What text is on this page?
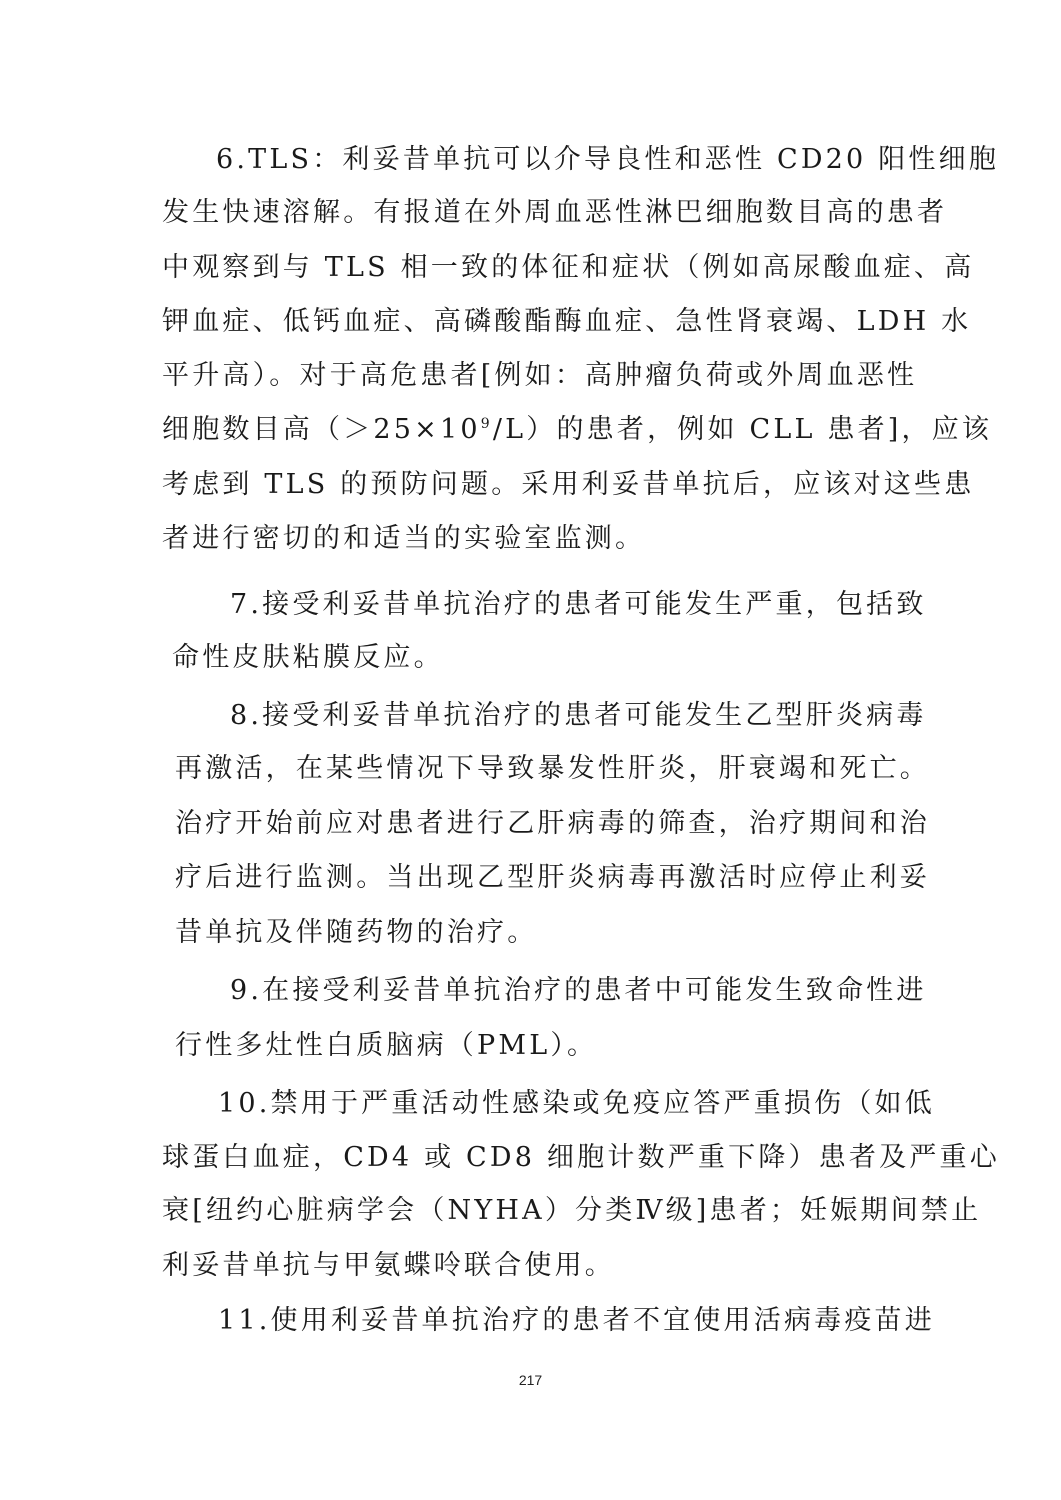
6.TLS：利妥昔单抗可以介导良性和恶性 CD20 阳性细胞
发生快速溶解。有报道在外周血恶性淋巴细胞数目高的患者
中观察到与 TLS 相一致的体征和症状（例如高尿酸血症、高
钾血症、低钙血症、高磷酸酯酶血症、急性肾衰竭、LDH 水
平升高）。对于高危患者[例如：高肿瘤负荷或外周血恶性
细胞数目高$(>25\times 10^9/L)$的患者，例如 CLL 患者]，应该
考虑到 TLS 的预防问题。采用利妥昔单抗后，应该对这些患
者进行密切的和适当的实验室监测。
7.接受利妥昔单抗治疗的患者可能发生严重，包括致
命性皮肤粘膜反应。
8.接受利妥昔单抗治疗的患者可能发生乙型肝炎病毒
再激活，在某些情况下导致暴发性肝炎，肝衰竭和死亡。
治疗开始前应对患者进行乙肝病毒的筛查，治疗期间和治
疗后进行监测。当出现乙型肝炎病毒再激活时应停止利妥
昔单抗及伴随药物的治疗。
9.在接受利妥昔单抗治疗的患者中可能发生致命性进
行性多灶性白质脑病（PML）。
10.禁用于严重活动性感染或免疫应答严重损伤（如低
球蛋白血症，CD4 或 CD8 细胞计数严重下降）患者及严重心
衰[纽约心脏病学会（NYHA）分类Ⅳ级]患者；妊娠期间禁止
利妥昔单抗与甲氨蝶呤联合使用。
11.使用利妥昔单抗治疗的患者不宜使用活病毒疫苗进
217
